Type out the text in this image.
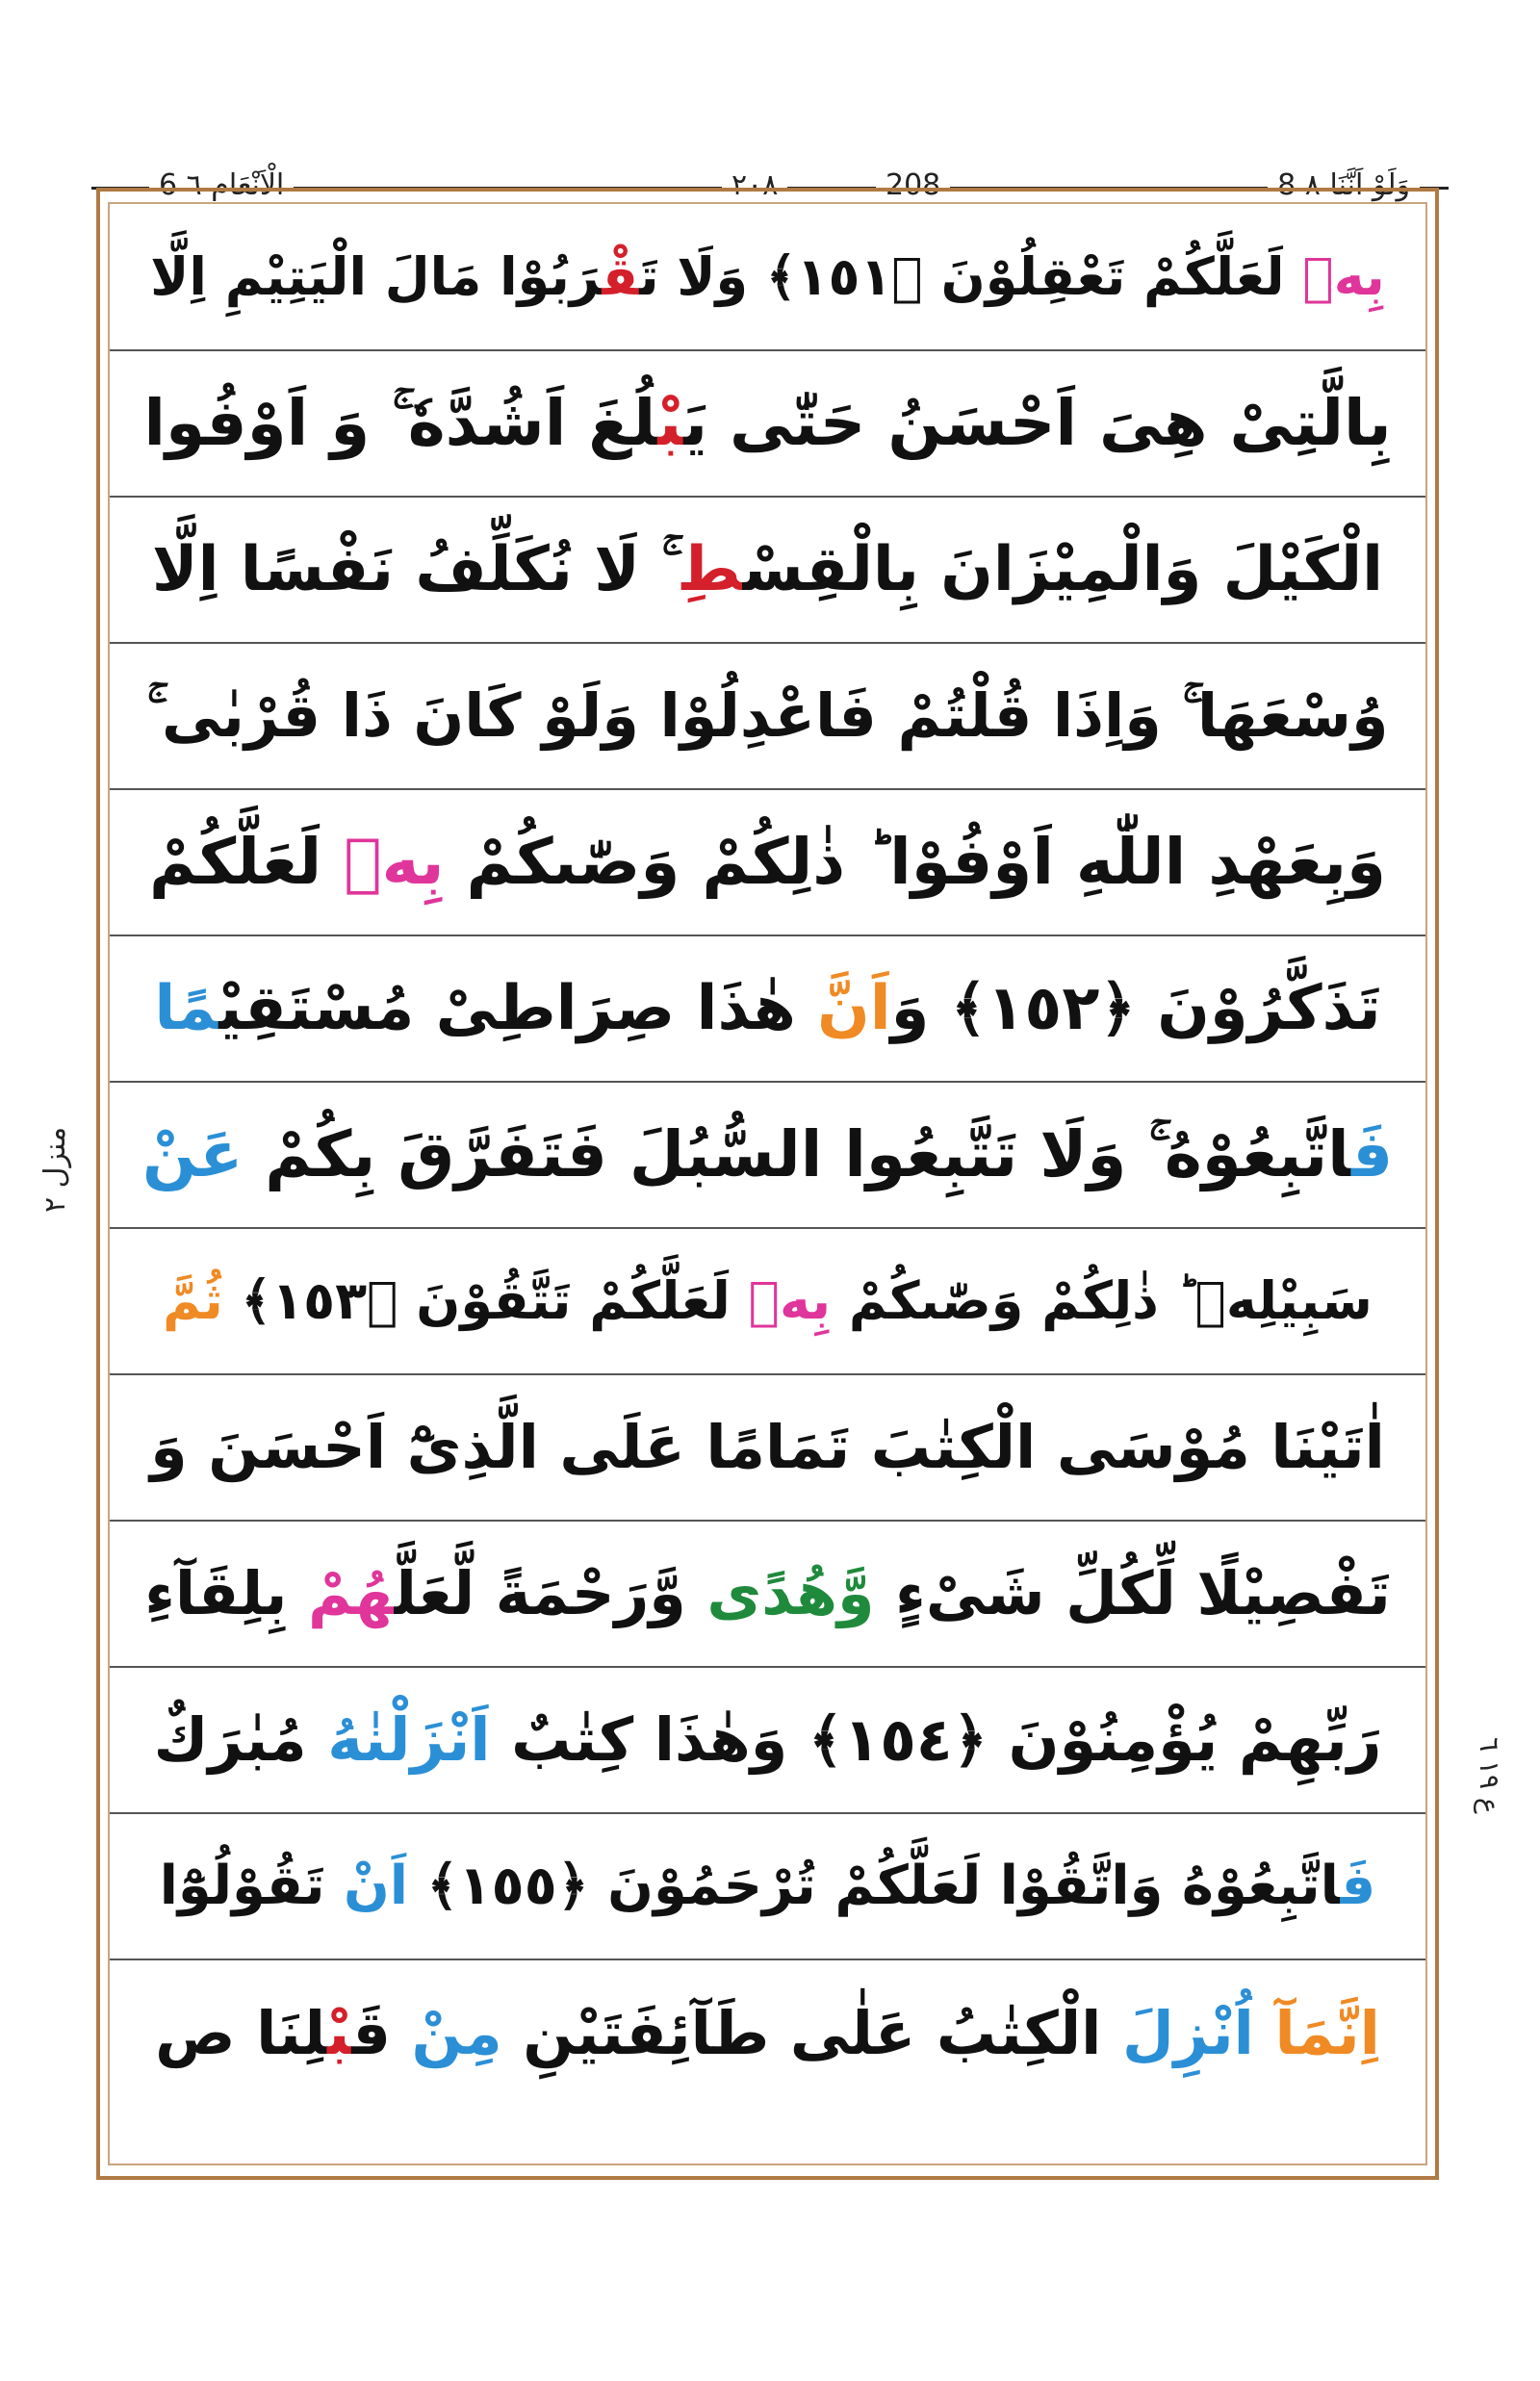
6 الْاَنْعَام ٦	٢٠٨	208	8 وَلَوْ اَنَّنَا ٨
بِهٖ لَعَلَّكُمْ تَعْقِلُوْنَ ﴿١٥١﴾ وَلَا تَقْرَبُوْا مَالَ الْيَتِيْمِ اِلَّا
بِالَّتِىْ هِىَ اَحْسَنُ حَتّٰى يَبْلُغَ اَشُدَّهٗ ۚ وَ اَوْفُوا
الْكَيْلَ وَالْمِيْزَانَ بِالْقِسْطِ ۚ لَا نُكَلِّفُ نَفْسًا اِلَّا
وُسْعَهَا ۚ وَاِذَا قُلْتُمْ فَاعْدِلُوْا وَلَوْ كَانَ ذَا قُرْبٰى ۚ
وَبِعَهْدِ اللّٰهِ اَوْفُوْا ؕ ذٰلِكُمْ وَصّٰىكُمْ بِهٖ لَعَلَّكُمْ
تَذَكَّرُوْنَ ﴿١٥٢﴾ وَاَنَّ هٰذَا صِرَاطِىْ مُسْتَقِيْمًا
فَاتَّبِعُوْهُ ۚ وَلَا تَتَّبِعُوا السُّبُلَ فَتَفَرَّقَ بِكُمْ عَنْ
سَبِيْلِهٖ ؕ ذٰلِكُمْ وَصّٰىكُمْ بِهٖ لَعَلَّكُمْ تَتَّقُوْنَ ﴿١٥٣﴾ ثُمَّ
اٰتَيْنَا مُوْسَى الْكِتٰبَ تَمَامًا عَلَى الَّذِىْٓ اَحْسَنَ وَ
تَفْصِيْلًا لِّكُلِّ شَىْءٍ وَّهُدًى وَّرَحْمَةً لَّعَلَّهُمْ بِلِقَآءِ
رَبِّهِمْ يُؤْمِنُوْنَ ﴿١٥٤﴾ وَهٰذَا كِتٰبٌ اَنْزَلْنٰهُ مُبٰرَكٌ
فَاتَّبِعُوْهُ وَاتَّقُوْا لَعَلَّكُمْ تُرْحَمُوْنَ ﴿١٥٥﴾ اَنْ تَقُوْلُوْٓا
اِنَّمَآ اُنْزِلَ الْكِتٰبُ عَلٰى طَآئِفَتَيْنِ مِنْ قَبْلِنَا ص
منزل ٢
ع ١٩ ٦
